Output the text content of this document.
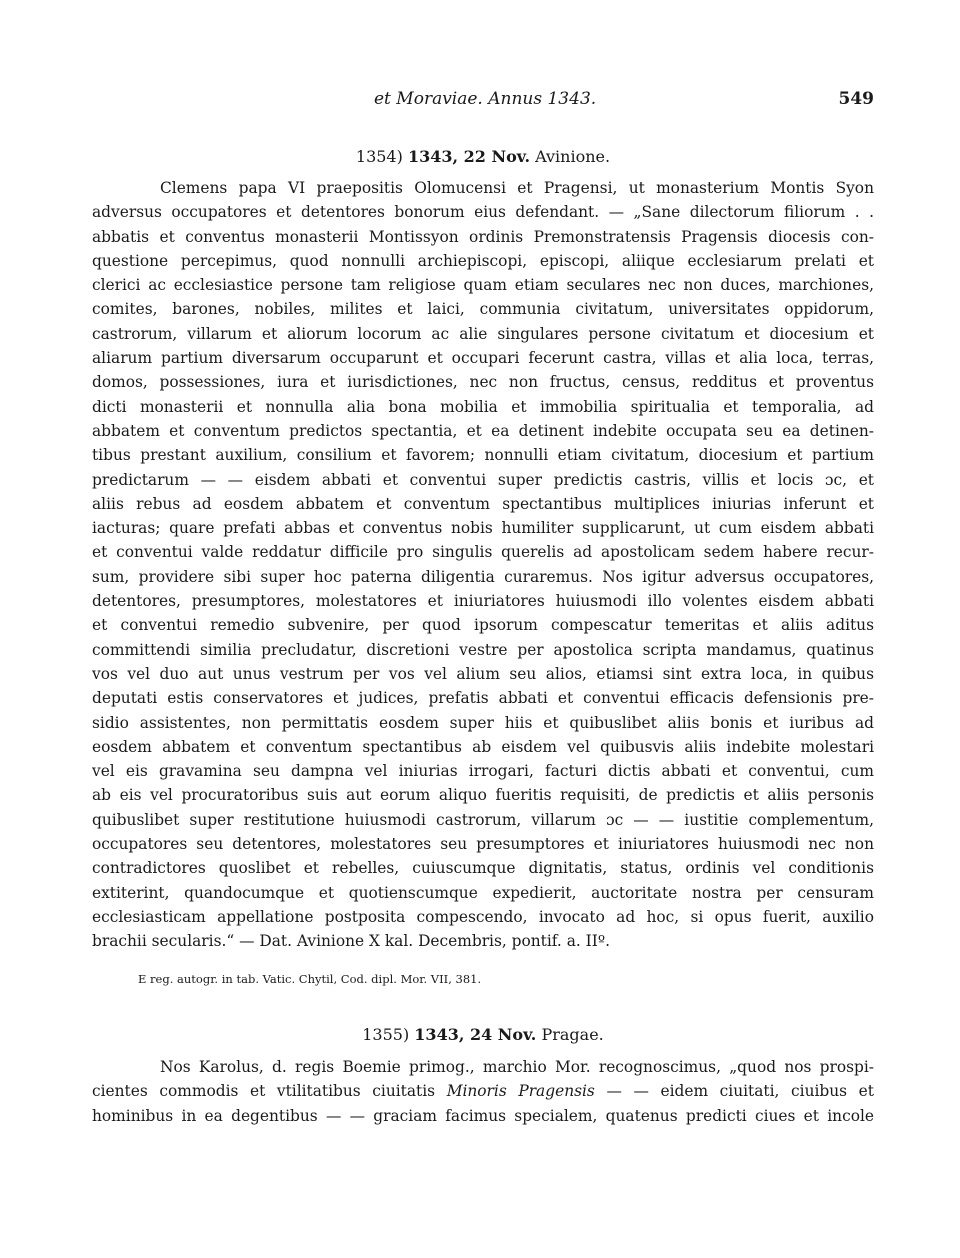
et Moraviae. Annus 1343.	549
1354) 1343, 22 Nov. Avinione.
Clemens papa VI praepositis Olomucensi et Pragensi, ut monasterium Montis Syon
adversus occupatores et detentores bonorum eius defendant. — „Sane dilectorum filiorum . .
abbatis et conventus monasterii Montissyon ordinis Premonstratensis Pragensis diocesis con-
questione percepimus, quod nonnulli archiepiscopi, episcopi, aliique ecclesiarum prelati et
clerici ac ecclesiastice persone tam religiose quam etiam seculares nec non duces, marchiones,
comites, barones, nobiles, milites et laici, communia civitatum, universitates oppidorum,
castrorum, villarum et aliorum locorum ac alie singulares persone civitatum et diocesium et
aliarum partium diversarum occuparunt et occupari fecerunt castra, villas et alia loca, terras,
domos, possessiones, iura et iurisdictiones, nec non fructus, census, redditus et proventus
dicti monasterii et nonnulla alia bona mobilia et immobilia spiritualia et temporalia, ad
abbatem et conventum predictos spectantia, et ea detinent indebite occupata seu ea detinen-
tibus prestant auxilium, consilium et favorem; nonnulli etiam civitatum, diocesium et partium
predictarum — — eisdem abbati et conventui super predictis castris, villis et locis ɔc, et
aliis rebus ad eosdem abbatem et conventum spectantibus multiplices iniurias inferunt et
iacturas; quare prefati abbas et conventus nobis humiliter supplicarunt, ut cum eisdem abbati
et conventui valde reddatur difficile pro singulis querelis ad apostolicam sedem habere recur-
sum, providere sibi super hoc paterna diligentia curaremus. Nos igitur adversus occupatores,
detentores, presumptores, molestatores et iniuriatores huiusmodi illo volentes eisdem abbati
et conventui remedio subvenire, per quod ipsorum compescatur temeritas et aliis aditus
committendi similia precludatur, discretioni vestre per apostolica scripta mandamus, quatinus
vos vel duo aut unus vestrum per vos vel alium seu alios, etiamsi sint extra loca, in quibus
deputati estis conservatores et judices, prefatis abbati et conventui efficacis defensionis pre-
sidio assistentes, non permittatis eosdem super hiis et quibuslibet aliis bonis et iuribus ad
eosdem abbatem et conventum spectantibus ab eisdem vel quibusvis aliis indebite molestari
vel eis gravamina seu dampna vel iniurias irrogari, facturi dictis abbati et conventui, cum
ab eis vel procuratoribus suis aut eorum aliquo fueritis requisiti, de predictis et aliis personis
quibuslibet super restitutione huiusmodi castrorum, villarum ɔc — — iustitie complementum,
occupatores seu detentores, molestatores seu presumptores et iniuriatores huiusmodi nec non
contradictores quoslibet et rebelles, cuiuscumque dignitatis, status, ordinis vel conditionis
extiterint, quandocumque et quotienscumque expedierit, auctoritate nostra per censuram
ecclesiasticam appellatione postposita compescendo, invocato ad hoc, si opus fuerit, auxilio
brachii secularis.“ — Dat. Avinione X kal. Decembris, pontif. a. IIº.
E reg. autogr. in tab. Vatic. Chytil, Cod. dipl. Mor. VII, 381.
1355) 1343, 24 Nov. Pragae.
Nos Karolus, d. regis Boemie primog., marchio Mor. recognoscimus, „quod nos prospi-
cientes commodis et vtilitatibus ciuitatis Minoris Pragensis — — eidem ciuitati, ciuibus et
hominibus in ea degentibus — — graciam facimus specialem, quatenus predicti ciues et incole
